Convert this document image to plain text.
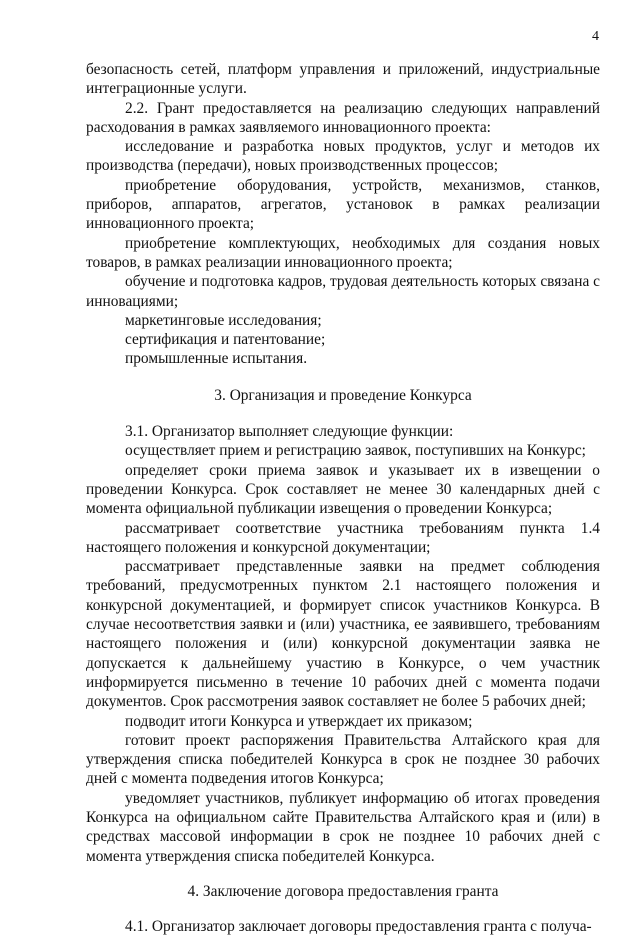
4
безопасность сетей, платформ управления и приложений, индустриальные интеграционные услуги.
2.2. Грант предоставляется на реализацию следующих направлений расходования в рамках заявляемого инновационного проекта:
исследование и разработка новых продуктов, услуг и методов их производства (передачи), новых производственных процессов;
приобретение оборудования, устройств, механизмов, станков, приборов, аппаратов, агрегатов, установок в рамках реализации инновационного проекта;
приобретение комплектующих, необходимых для создания новых товаров, в рамках реализации инновационного проекта;
обучение и подготовка кадров, трудовая деятельность которых связана с инновациями;
маркетинговые исследования;
сертификация и патентование;
промышленные испытания.
3. Организация и проведение Конкурса
3.1. Организатор выполняет следующие функции:
осуществляет прием и регистрацию заявок, поступивших на Конкурс;
определяет сроки приема заявок и указывает их в извещении о проведении Конкурса. Срок составляет не менее 30 календарных дней с момента официальной публикации извещения о проведении Конкурса;
рассматривает соответствие участника требованиям пункта 1.4 настоящего положения и конкурсной документации;
рассматривает представленные заявки на предмет соблюдения требований, предусмотренных пунктом 2.1 настоящего положения и конкурсной документацией, и формирует список участников Конкурса. В случае несоответствия заявки и (или) участника, ее заявившего, требованиям настоящего положения и (или) конкурсной документации заявка не допускается к дальнейшему участию в Конкурсе, о чем участник информируется письменно в течение 10 рабочих дней с момента подачи документов. Срок рассмотрения заявок составляет не более 5 рабочих дней;
подводит итоги Конкурса и утверждает их приказом;
готовит проект распоряжения Правительства Алтайского края для утверждения списка победителей Конкурса в срок не позднее 30 рабочих дней с момента подведения итогов Конкурса;
уведомляет участников, публикует информацию об итогах проведения Конкурса на официальном сайте Правительства Алтайского края и (или) в средствах массовой информации в срок не позднее 10 рабочих дней с момента утверждения списка победителей Конкурса.
4. Заключение договора предоставления гранта
4.1. Организатор заключает договоры предоставления гранта с получа-
